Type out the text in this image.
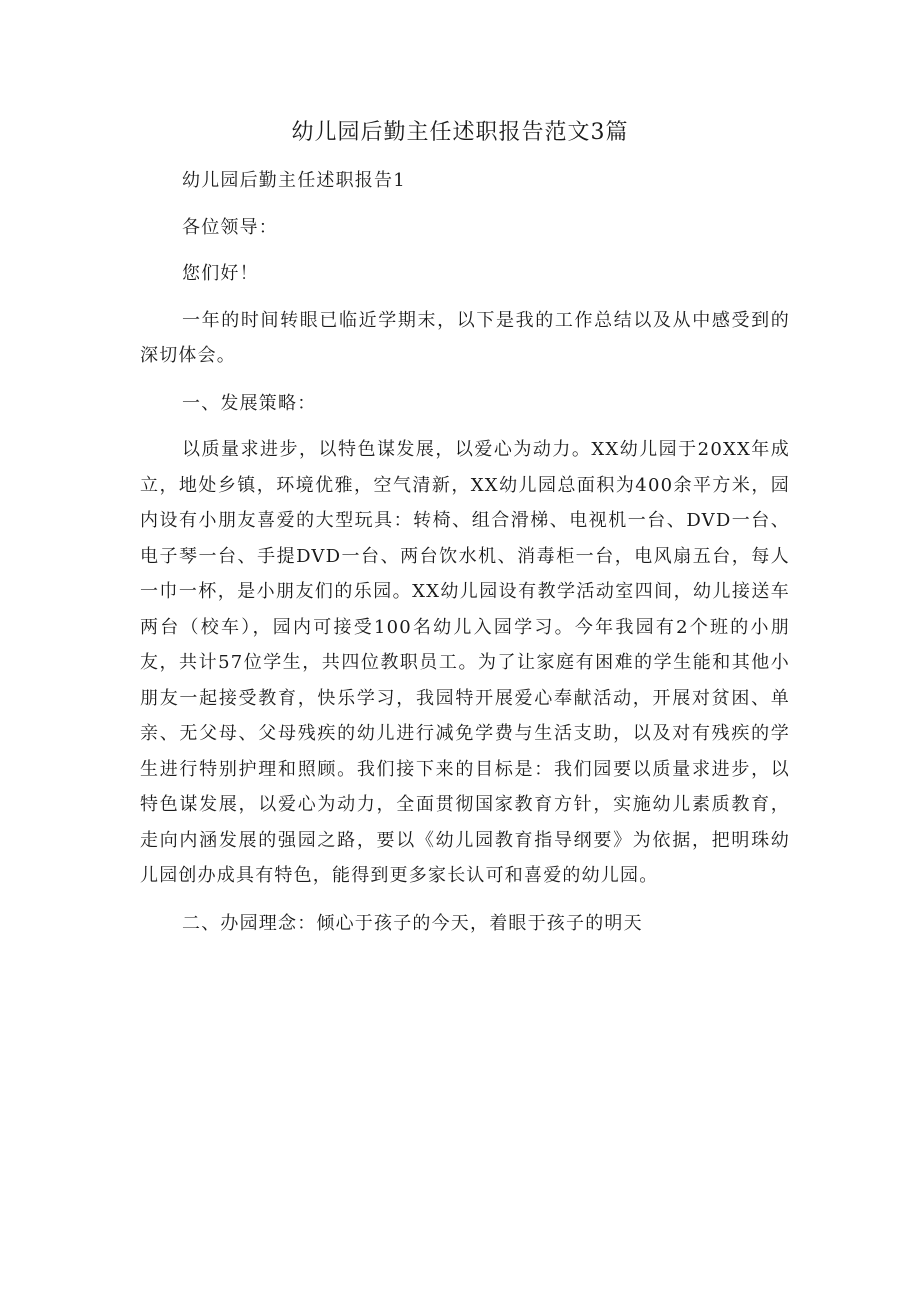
幼儿园后勤主任述职报告范文3篇

幼儿园后勤主任述职报告1

各位领导：

您们好！

一年的时间转眼已临近学期末，以下是我的工作总结以及从中感受到的深切体会。

一、发展策略：

以质量求进步，以特色谋发展，以爱心为动力。XX幼儿园于20XX年成立，地处乡镇，环境优雅，空气清新，XX幼儿园总面积为400余平方米，园内设有小朋友喜爱的大型玩具：转椅、组合滑梯、电视机一台、DVD一台、电子琴一台、手提DVD一台、两台饮水机、消毒柜一台，电风扇五台，每人一巾一杯，是小朋友们的乐园。XX幼儿园设有教学活动室四间，幼儿接送车两台（校车），园内可接受100名幼儿入园学习。今年我园有2个班的小朋友，共计57位学生，共四位教职员工。为了让家庭有困难的学生能和其他小朋友一起接受教育，快乐学习，我园特开展爱心奉献活动，开展对贫困、单亲、无父母、父母残疾的幼儿进行减免学费与生活支助，以及对有残疾的学生进行特别护理和照顾。我们接下来的目标是：我们园要以质量求进步，以特色谋发展，以爱心为动力，全面贯彻国家教育方针，实施幼儿素质教育，走向内涵发展的强园之路，要以《幼儿园教育指导纲要》为依据，把明珠幼儿园创办成具有特色，能得到更多家长认可和喜爱的幼儿园。

二、办园理念：倾心于孩子的今天，着眼于孩子的明天
